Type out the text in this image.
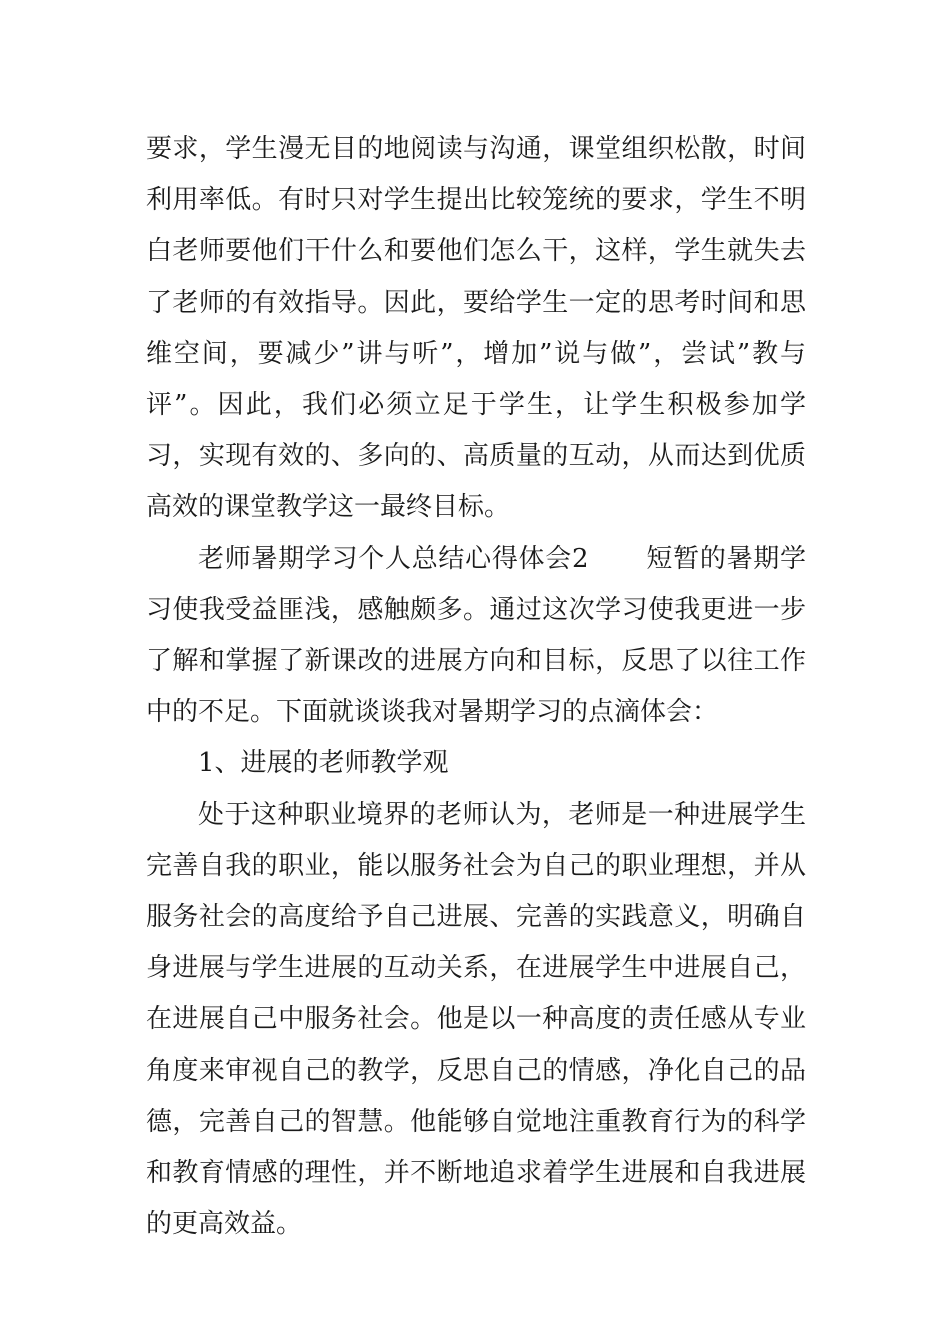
要求，学生漫无目的地阅读与沟通，课堂组织松散，时间利用率低。有时只对学生提出比较笼统的要求，学生不明白老师要他们干什么和要他们怎么干，这样，学生就失去了老师的有效指导。因此，要给学生一定的思考时间和思维空间，要减少”讲与听”，增加”说与做”，尝试”教与评”。因此，我们必须立足于学生，让学生积极参加学习，实现有效的、多向的、高质量的互动，从而达到优质高效的课堂教学这一最终目标。

老师暑期学习个人总结心得体会2 短暂的暑期学习使我受益匪浅，感触颇多。通过这次学习使我更进一步了解和掌握了新课改的进展方向和目标，反思了以往工作中的不足。下面就谈谈我对暑期学习的点滴体会：

1、进展的老师教学观

处于这种职业境界的老师认为，老师是一种进展学生完善自我的职业，能以服务社会为自己的职业理想，并从服务社会的高度给予自己进展、完善的实践意义，明确自身进展与学生进展的互动关系，在进展学生中进展自己，在进展自己中服务社会。他是以一种高度的责任感从专业角度来审视自己的教学，反思自己的情感，净化自己的品德，完善自己的智慧。他能够自觉地注重教育行为的科学和教育情感的理性，并不断地追求着学生进展和自我进展的更高效益。
